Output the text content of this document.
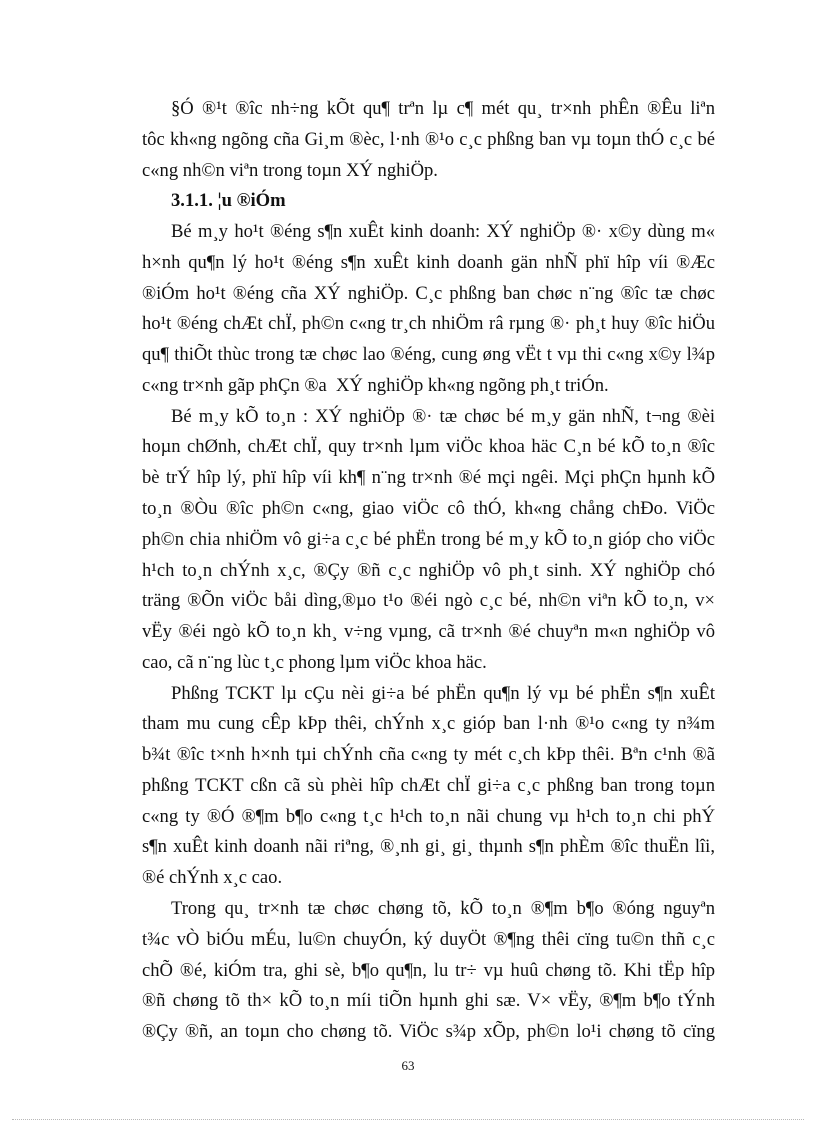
§Ó ®¹t ®îc nh÷ng kÕt qu¶ trªn lµ c¶ mét qu¸ tr×nh phÊn ®Êu liªn
tôc kh«ng ngõng cña Gi¸m ®èc, l·nh ®¹o c¸c phßng ban vµ toµn thÓ c¸c bé
c«ng nh©n viªn trong toµn XÝ nghiÖp.
3.1.1. ¦u ®iÓm
Bé m¸y ho¹t ®éng s¶n xuÊt kinh doanh: XÝ nghiÖp ®· x©y dùng m«
h×nh qu¶n lý ho¹t ®éng s¶n xuÊt kinh doanh gän nhÑ phï hîp víi ®Æc
®iÓm ho¹t ®éng cña XÝ nghiÖp. C¸c phßng ban chøc n¨ng ®îc tæ chøc
ho¹t ®éng chÆt chÏ, ph©n c«ng tr¸ch nhiÖm râ rµng ®· ph¸t huy ®îc hiÖu
qu¶ thiÕt thùc trong tæ chøc lao ®éng, cung øng vËt t vµ thi c«ng x©y l¾p
c«ng tr×nh gãp phÇn ®a  XÝ nghiÖp kh«ng ngõng ph¸t triÓn.
Bé m¸y kÕ to¸n : XÝ nghiÖp ®· tæ chøc bé m¸y gän nhÑ, t¬ng ®èi
hoµn chØnh, chÆt chÏ, quy tr×nh lµm viÖc khoa häc C¸n bé kÕ to¸n ®îc
bè trÝ hîp lý, phï hîp víi kh¶ n¨ng tr×nh ®é mçi ngêi. Mçi phÇn hµnh kÕ
to¸n ®Òu ®îc ph©n c«ng, giao viÖc cô thÓ, kh«ng chång chÐo. ViÖc
ph©n chia nhiÖm vô gi÷a c¸c bé phËn trong bé m¸y kÕ to¸n gióp cho viÖc
h¹ch to¸n chÝnh x¸c, ®Çy ®ñ c¸c nghiÖp vô ph¸t sinh. XÝ nghiÖp chó
träng ®Õn viÖc båi dìng,®µo t¹o ®éi ngò c¸c bé, nh©n viªn kÕ to¸n, v×
vËy ®éi ngò kÕ to¸n kh¸ v÷ng vµng, cã tr×nh ®é chuyªn m«n nghiÖp vô
cao, cã n¨ng lùc t¸c phong lµm viÖc khoa häc.
Phßng TCKT lµ cÇu nèi gi÷a bé phËn qu¶n lý vµ bé phËn s¶n xuÊt
tham mu cung cÊp kÞp thêi, chÝnh x¸c gióp ban l·nh ®¹o c«ng ty n¾m
b¾t ®îc t×nh h×nh tµi chÝnh cña c«ng ty mét c¸ch kÞp thêi. Bªn c¹nh ®ã
phßng TCKT cßn cã sù phèi hîp chÆt chÏ gi÷a c¸c phßng ban trong toµn
c«ng ty ®Ó ®¶m b¶o c«ng t¸c h¹ch to¸n nãi chung vµ h¹ch to¸n chi phÝ
s¶n xuÊt kinh doanh nãi riªng, ®¸nh gi¸ gi¸ thµnh s¶n phÈm ®îc thuËn lîi,
®é chÝnh x¸c cao.
Trong qu¸ tr×nh tæ chøc chøng tõ, kÕ to¸n ®¶m b¶o ®óng nguyªn
t¾c vÒ biÓu mÉu, lu©n chuyÓn, ký duyÖt ®¶ng thêi cïng tu©n thñ c¸c
chÕ ®é, kiÓm tra, ghi sè, b¶o qu¶n, lu tr÷ vµ huû chøng tõ. Khi tËp hîp
®ñ chøng tõ th× kÕ to¸n míi tiÕn hµnh ghi sæ. V× vËy, ®¶m b¶o tÝnh
®Çy ®ñ, an toµn cho chøng tõ. ViÖc s¾p xÕp, ph©n lo¹i chøng tõ cïng
63
